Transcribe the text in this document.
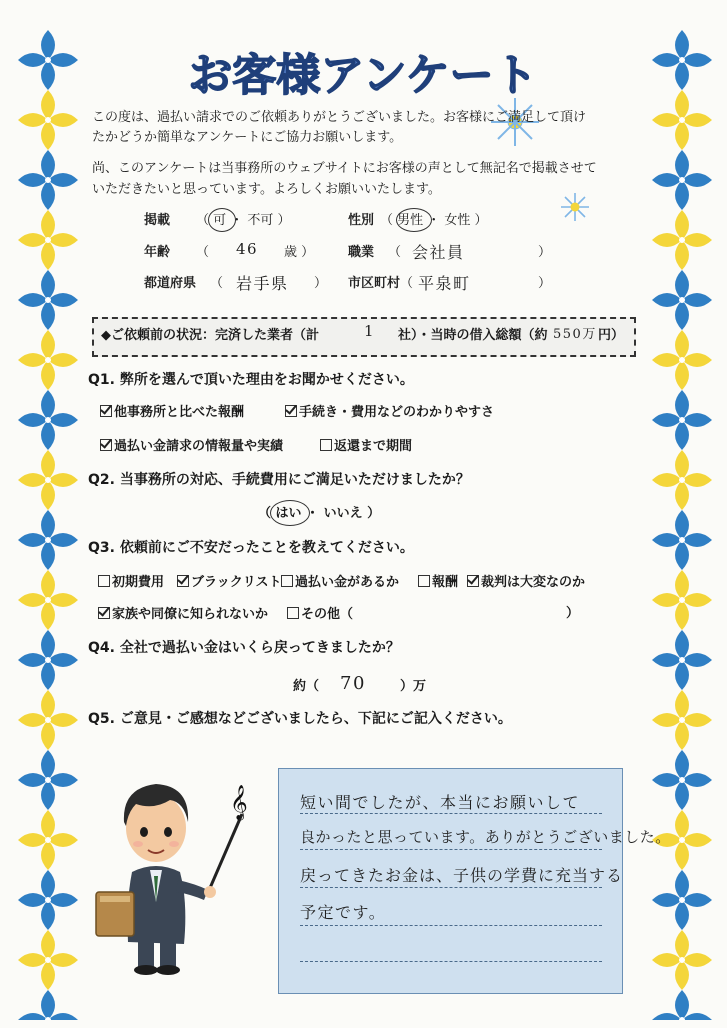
お客様アンケート
この度は、過払い請求でのご依頼ありがとうございました。お客様にご満足して頂け
たかどうか簡単なアンケートにご協力お願いします。
尚、このアンケートは当事務所のウェブサイトにお客様の声として無記名で掲載させて
いただきたいと思っています。よろしくお願いいたします。
掲載 （ 可 ・ 不可 ）	性別 （ 男性 ・ 女性 ）
年齢 （ 46 歳 ）	職業 （ 会社員	）
都道府県 （ 岩手県 ） 市区町村 （ 平泉町	）
◆ご依頼前の状況：完済した業者（計	1 社）・当時の借入総額（約 550万 円）
Q1. 弊所を選んで頂いた理由をお聞かせください。
他事務所と比べた報酬	手続き・費用などのわかりやすさ
過払い金請求の情報量や実績	返還まで期間
Q2. 当事務所の対応、手続費用にご満足いただけましたか？
（ はい ・ いいえ ）
Q3. 依頼前にご不安だったことを教えてください。
初期費用	ブラックリスト	過払い金があるか	報酬	裁判は大変なのか
家族や同僚に知られないか	その他（	）
Q4. 全社で過払い金はいくら戻ってきましたか？
約（ 70	）万
Q5. ご意見・ご感想などございましたら、下記にご記入ください。
𝄞	短い間でしたが、本当にお願いして
良かったと思っています。ありがとうございました。
戻ってきたお金は、子供の学費に充当する
予定です。
